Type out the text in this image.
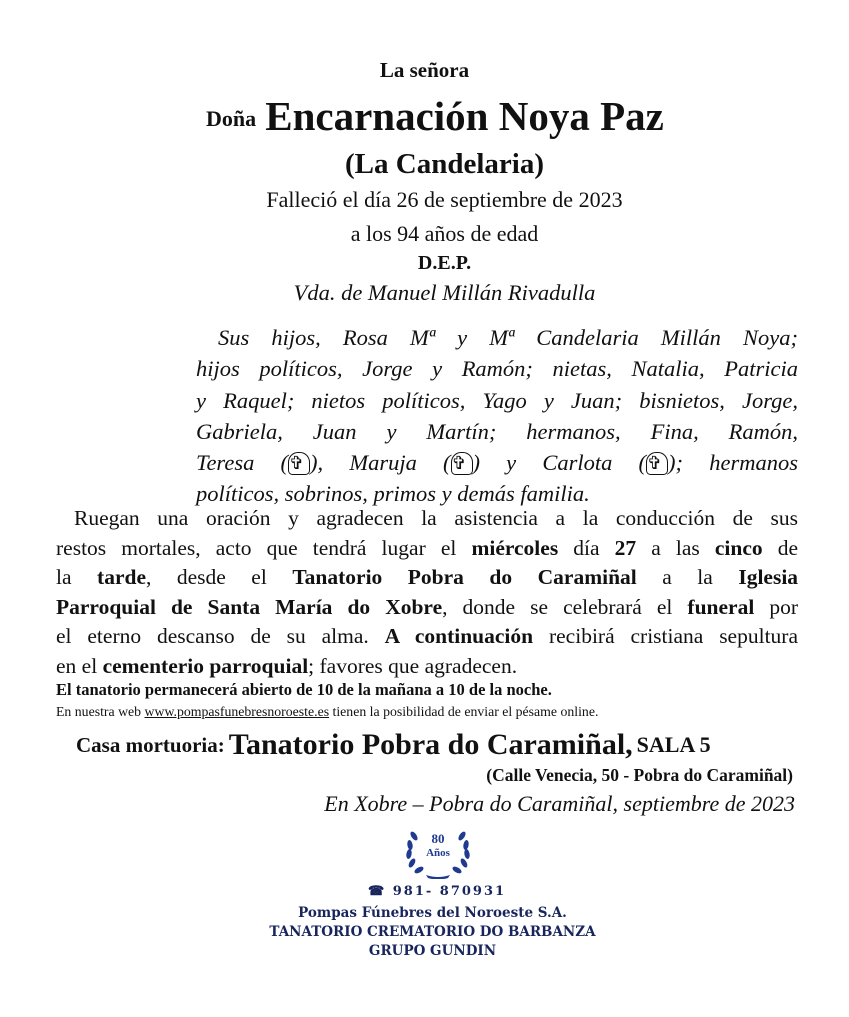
La señora
Doña Encarnación Noya Paz
(La Candelaria)
Falleció el día 26 de septiembre de 2023
a los 94 años de edad
D.E.P.
Vda. de Manuel Millán Rivadulla
Sus hijos, Rosa Mª y Mª Candelaria Millán Noya;
hijos políticos, Jorge y Ramón; nietas, Natalia, Patricia
y Raquel; nietos políticos, Yago y Juan; bisnietos, Jorge,
Gabriela, Juan y Martín; hermanos, Fina, Ramón,
Teresa (✞ ), Maruja (✞ ) y Carlota (✞ ); hermanos
políticos, sobrinos, primos y demás familia.
Ruegan una oración y agradecen la asistencia a la conducción de sus
restos mortales, acto que tendrá lugar el miércoles día 27 a las cinco de
la tarde, desde el Tanatorio Pobra do Caramiñal a la Iglesia
Parroquial de Santa María do Xobre, donde se celebrará el funeral por
el eterno descanso de su alma. A continuación recibirá cristiana sepultura
en el cementerio parroquial; favores que agradecen.
El tanatorio permanecerá abierto de 10 de la mañana a 10 de la noche.
En nuestra web www.pompasfunebresnoroeste.es tienen la posibilidad de enviar el pésame online.
Casa mortuoria: Tanatorio Pobra do Caramiñal, SALA 5
(Calle Venecia, 50 - Pobra do Caramiñal)
En Xobre – Pobra do Caramiñal, septiembre de 2023
80
Años
☎ 981- 870931
Pompas Fúnebres del Noroeste S.A.
TANATORIO CREMATORIO DO BARBANZA
GRUPO GUNDIN
